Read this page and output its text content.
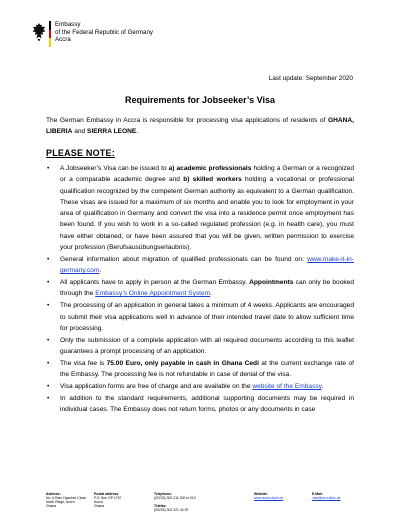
Embassy
of the Federal Republic of Germany
Accra
Last update: September 2020
Requirements for Jobseeker’s Visa
The German Embassy in Accra is responsible for processing visa applications of residents of GHANA, LIBERIA and SIERRA LEONE.
PLEASE NOTE:
• A Jobseeker’s Visa can be issued to a) academic professionals holding a German or a recognized or a comparable academic degree and b) skilled workers holding a vocational or professional qualification recognized by the competent German authority as equivalent to a German qualification. These visas are issued for a maximum of six months and enable you to look for employment in your area of qualification in Germany and convert the visa into a residence permit once employment has been found. If you wish to work in a so-called regulated profession (e.g. in health care), you must have either obtained, or have been assured that you will be given, written permission to exercise your profession (Berufsausübungserlaubnis).
• General information about migration of qualified professionals can be found on: www.make-it-in-germany.com.
• All applicants have to apply in person at the German Embassy. Appointments can only be booked through the Embassy’s Online Appointment System.
• The processing of an application in general takes a minimum of 4 weeks. Applicants are encouraged to submit their visa applications well in advance of their intended travel date to allow sufficient time for processing.
• Only the submission of a complete application with all required documents according to this leaflet guarantees a prompt processing of an application.
• The visa fee is 75.00 Euro, only payable in cash in Ghana Cedi at the current exchange rate of the Embassy. The processing fee is not refundable in case of denial of the visa.
• Visa application forms are free of charge and are available on the website of the Embassy.
• In addition to the standard requirements, additional supporting documents may be required in individual cases. The Embassy does not return forms, photos or any documents in case
Address:
No. 6 Ram Hyazinte Close
North Ridge, Accra
Ghana
Postal address:
P.O. Box GP 1757
Accra
Ghana
Telephone:
(00233) 302 211 000 to 010
Telefax:
(00233) 302 221 34 29
Website:
www.accra.diplo.de
E-Mail:
visa@accr.diplo.de
